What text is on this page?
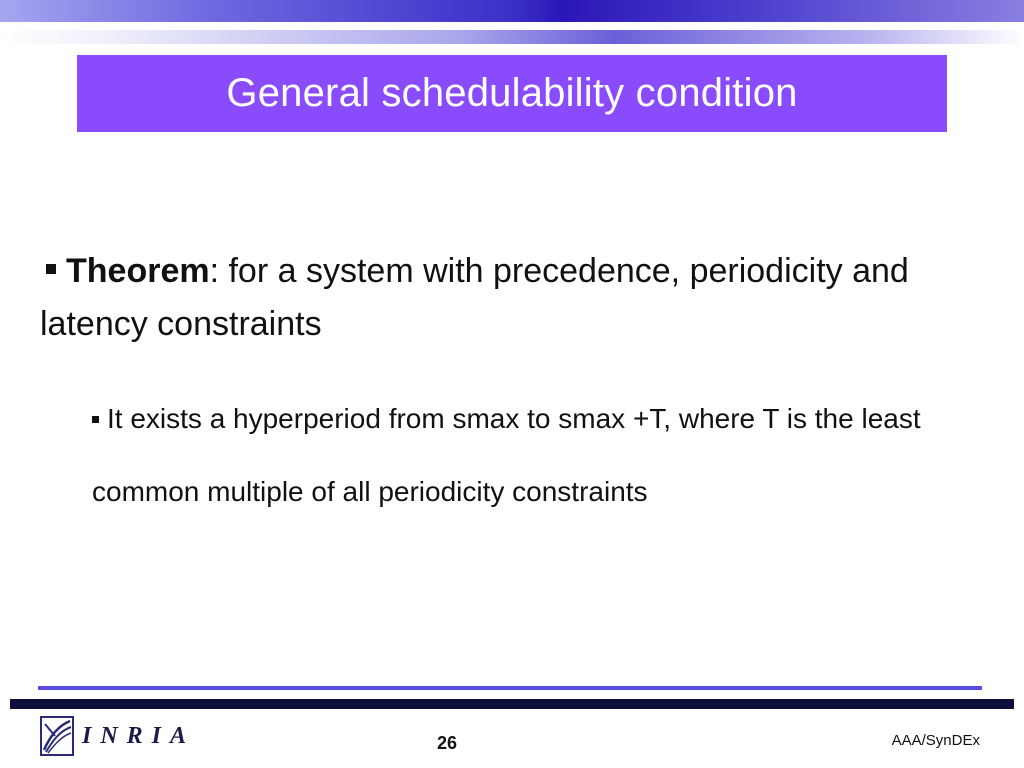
General schedulability condition
Theorem: for a system with precedence, periodicity and latency constraints
It exists a hyperperiod from smax to smax +T, where T is the least common multiple of all periodicity constraints
INRIA	26	AAA/SynDEx
